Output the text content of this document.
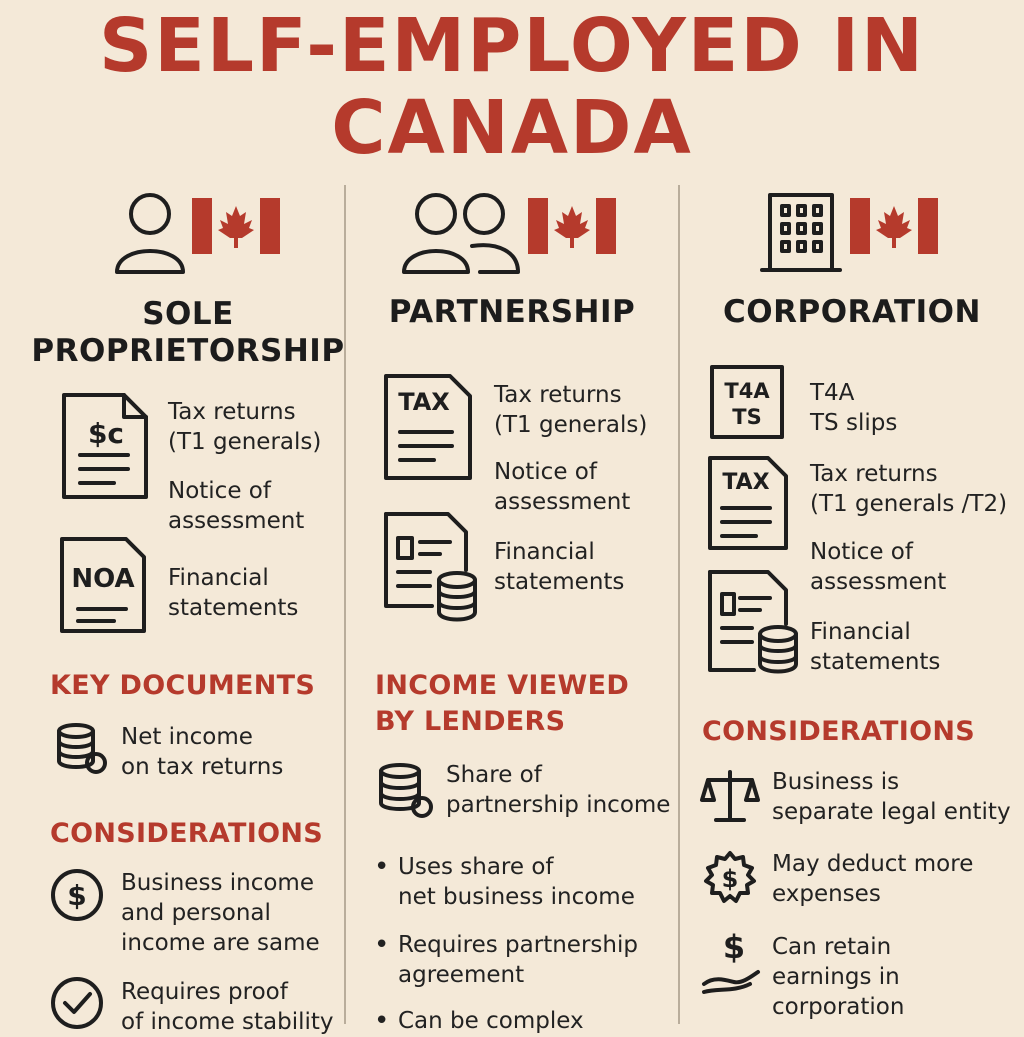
SELF-EMPLOYED IN
CANADA
SOLE
PROPRIETORSHIP
$c
Tax returns
(T1 generals)
Notice of
assessment
NOA Financial
statements
KEY DOCUMENTS
Net income
on tax returns
CONSIDERATIONS
$ Business income
and personal
income are same
Requires proof
of income stability
PARTNERSHIP
TAX Tax returns
(T1 generals)
Notice of
assessment
Financial
statements
INCOME VIEWED
BY LENDERS
Share of
partnership income
• Uses share of
net business income
• Requires partnership
agreement
• Can be complex
CORPORATION
T4A
TS
T4A
TS slips
TAX Tax returns
(T1 generals /T2)
Notice of
assessment
Financial
statements
CONSIDERATIONS
Business is
separate legal entity
$
May deduct more
expenses
$ Can retain
earnings in
corporation
